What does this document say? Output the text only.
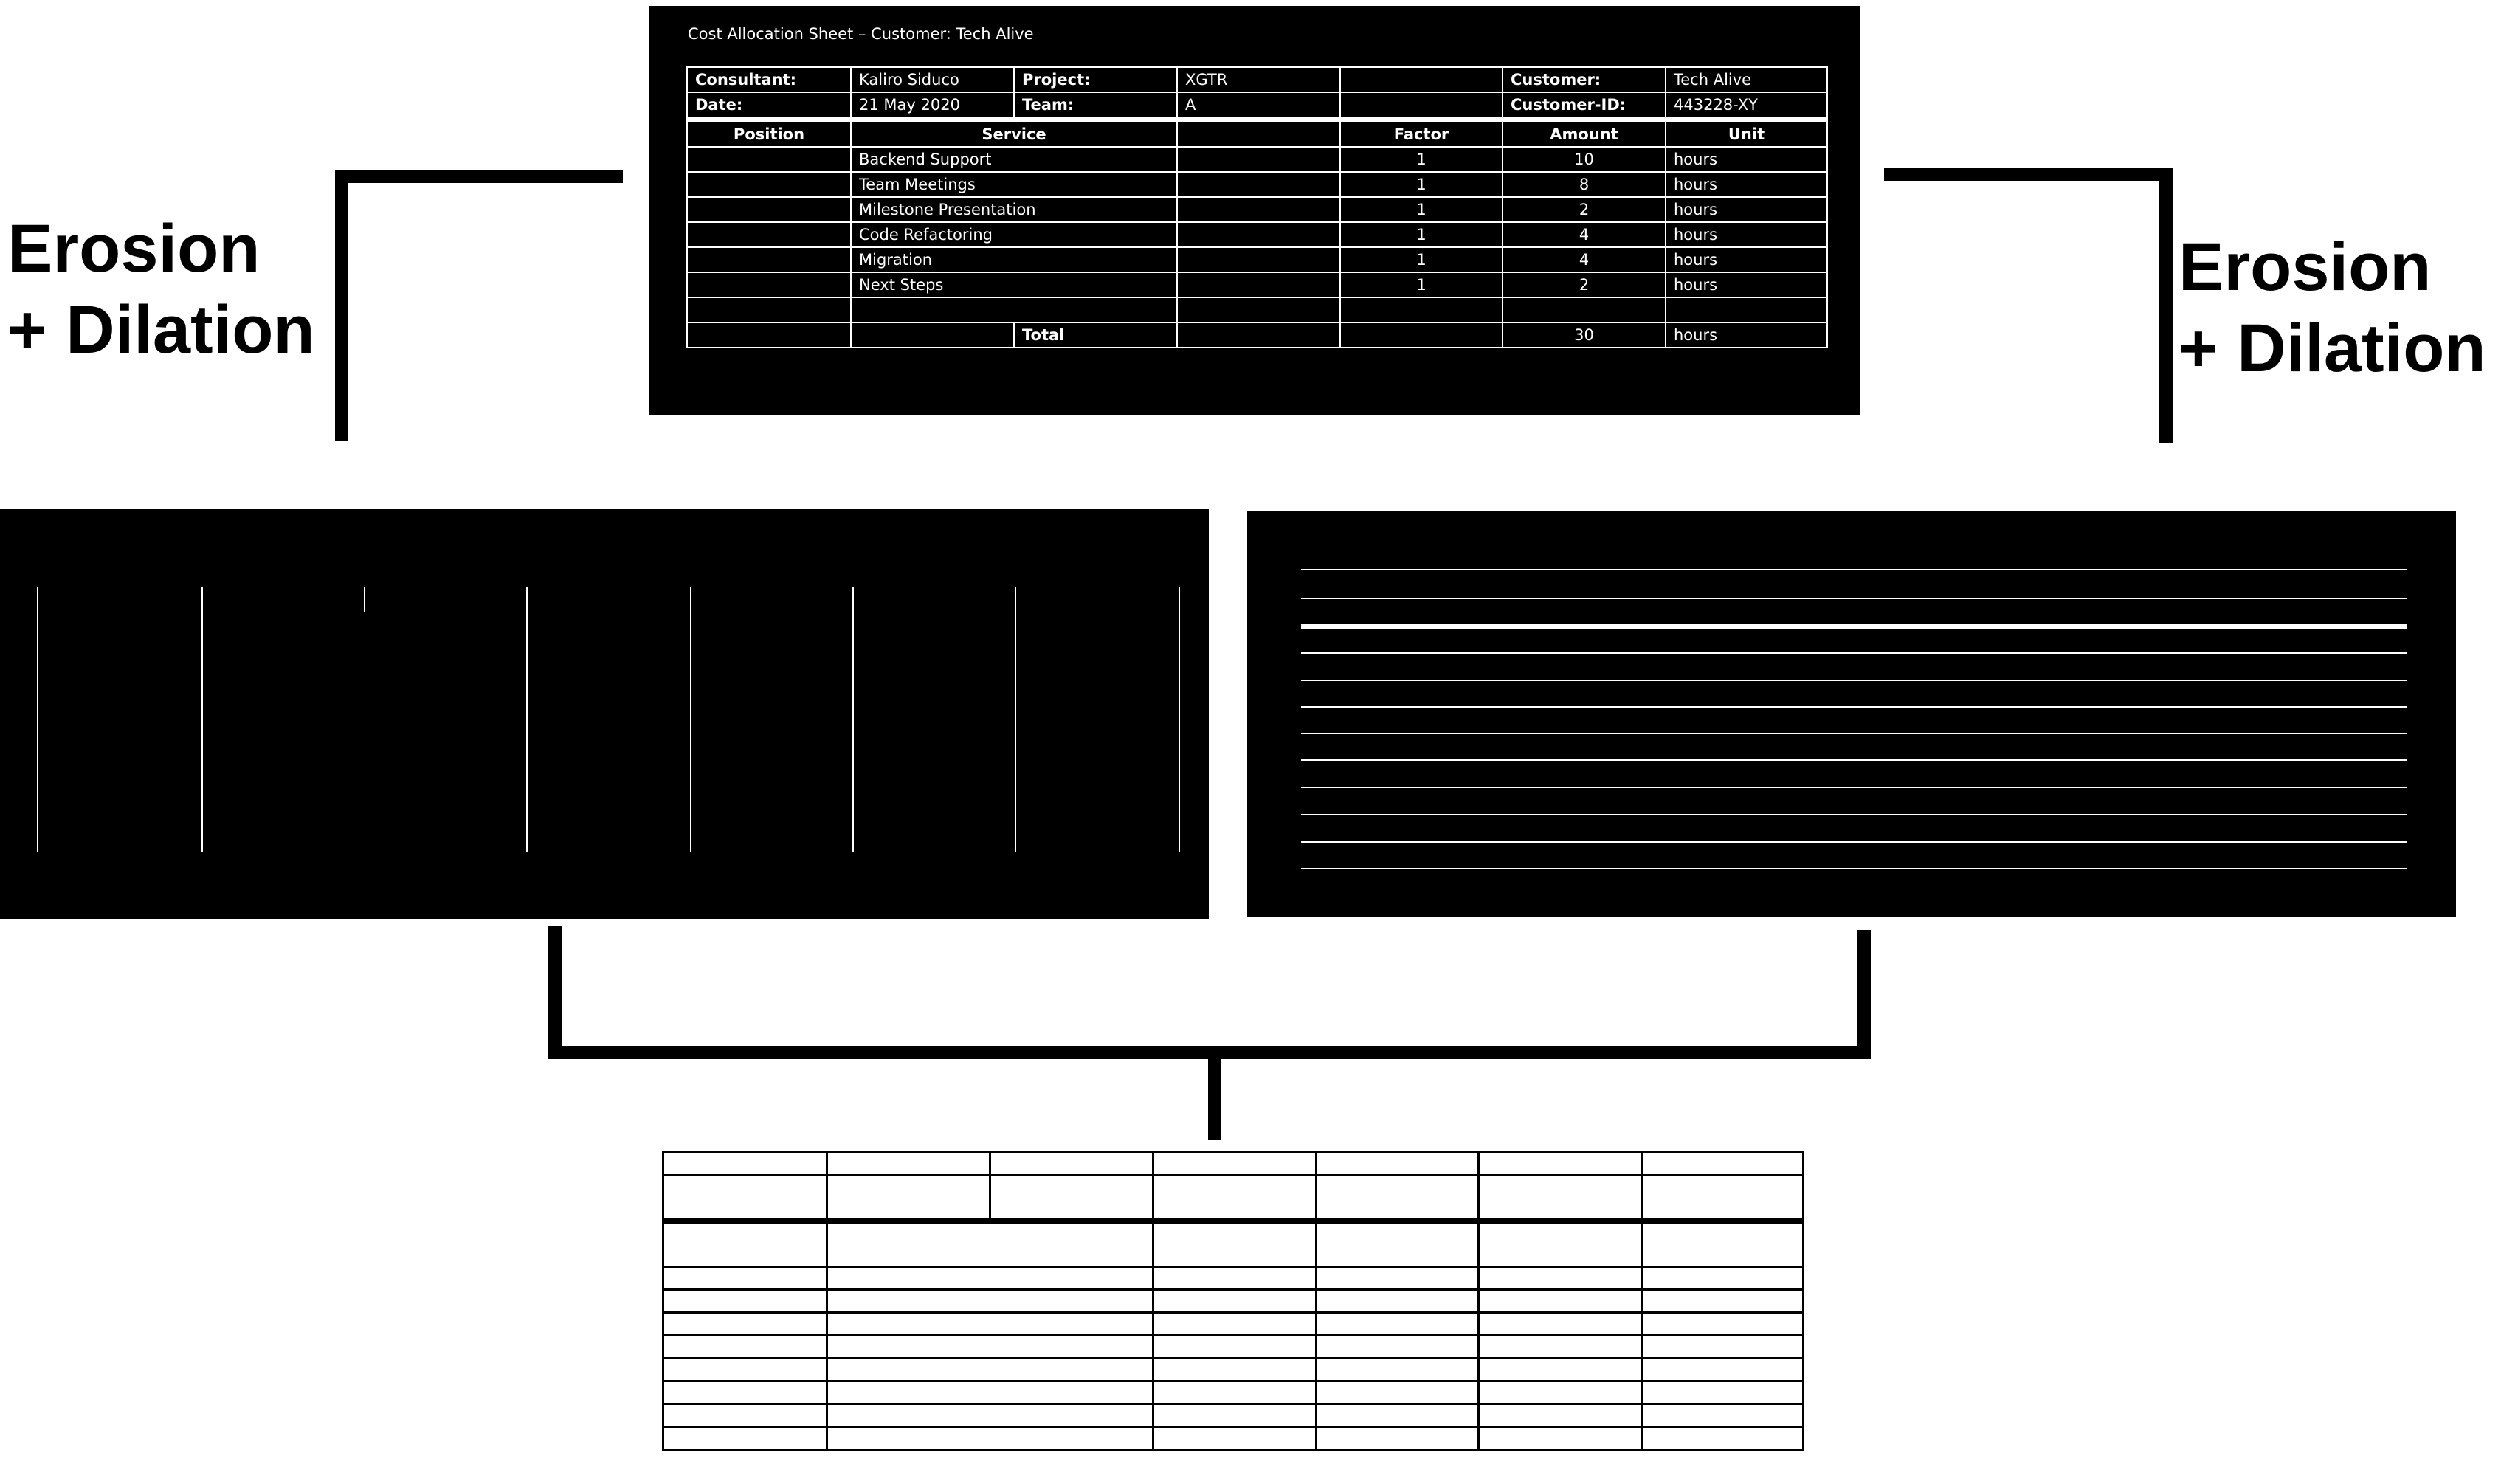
Erosion
+ Dilation
Erosion
+ Dilation
Cost Allocation Sheet – Customer: Tech Alive
Consultant:	Kaliro Siduco	Project:	XGTR		Customer:	Tech Alive
Date:	21 May 2020	Team:	A		Customer-ID:	443228-XY
Position	Service			Factor	Amount	Unit
	Backend Support			1	10	hours
	Team Meetings			1	8	hours
	Milestone Presentation			1	2	hours
	Code Refactoring			1	4	hours
	Migration			1	4	hours
	Next Steps			1	2	hours

		Total			30	hours
